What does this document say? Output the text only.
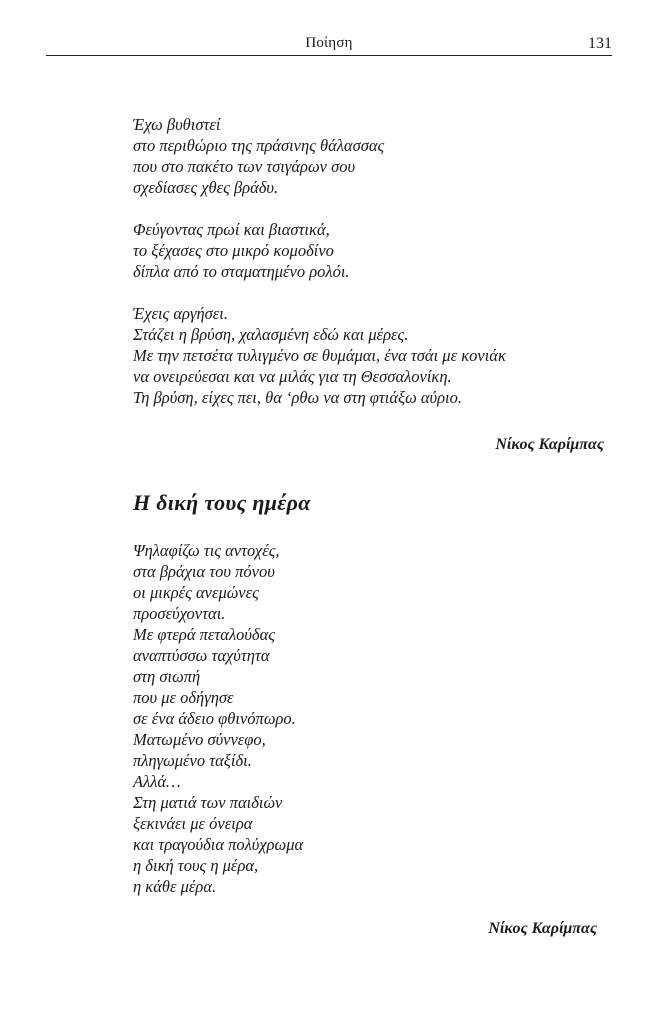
Ποίηση	131
Έχω βυθιστεί
στο περιθώριο της πράσινης θάλασσας
που στο πακέτο των τσιγάρων σου
σχεδίασες χθες βράδυ.
Φεύγοντας πρωί και βιαστικά,
το ξέχασες στο μικρό κομοδίνο
δίπλα από το σταματημένο ρολόι.
Έχεις αργήσει.
Στάζει η βρύση, χαλασμένη εδώ και μέρες.
Με την πετσέτα τυλιγμένο σε θυμάμαι, ένα τσάι με κονιάκ
να ονειρεύεσαι και να μιλάς για τη Θεσσαλονίκη.
Τη βρύση, είχες πει, θα ‘ρθω να στη φτιάξω αύριο.
Νίκος Καρίμπας
Η δική τους ημέρα
Ψηλαφίζω τις αντοχές,
στα βράχια του πόνου
οι μικρές ανεμώνες
προσεύχονται.
Με φτερά πεταλούδας
αναπτύσσω ταχύτητα
στη σιωπή
που με οδήγησε
σε ένα άδειο φθινόπωρο.
Ματωμένο σύννεφο,
πληγωμένο ταξίδι.
Αλλά…
Στη ματιά των παιδιών
ξεκινάει με όνειρα
και τραγούδια πολύχρωμα
η δική τους η μέρα,
η κάθε μέρα.
Νίκος Καρίμπας
